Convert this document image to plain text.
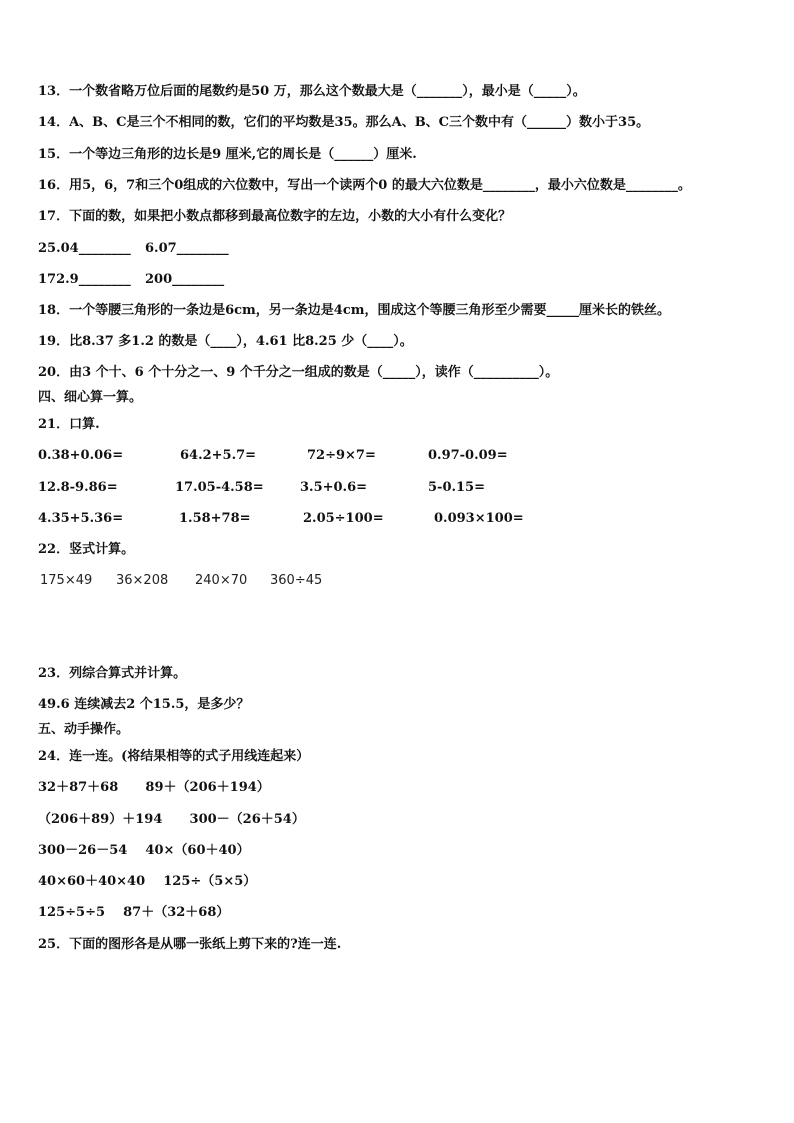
13．一个数省略万位后面的尾数约是50 万，那么这个数最大是（_______），最小是（_____）。
14．A、B、C是三个不相同的数，它们的平均数是35。那么A、B、C三个数中有（______）数小于35。
15．一个等边三角形的边长是9 厘米,它的周长是（______）厘米.
16．用5，6，7和三个0组成的六位数中，写出一个读两个0 的最大六位数是________，最小六位数是________。
17．下面的数，如果把小数点都移到最高位数字的左边，小数的大小有什么变化？
25.04________ 6.07________
172.9________ 200________
18．一个等腰三角形的一条边是6cm，另一条边是4cm，围成这个等腰三角形至少需要_____厘米长的铁丝。
19．比8.37 多1.2 的数是（____），4.61 比8.25 少（____）。
20．由3 个十、6 个十分之一、9 个千分之一组成的数是（_____），读作（__________）。
四、细心算一算。
21．口算.
0.38+0.06=	64.2+5.7=	72÷9×7=	0.97-0.09=
12.8-9.86=	17.05-4.58=	3.5+0.6=	5-0.15=
4.35+5.36=	1.58+78=	2.05÷100=	0.093×100=
22．竖式计算。
175×49 36×208 240×70 360÷45
23．列综合算式并计算。
49.6 连续减去2 个15.5，是多少？
五、动手操作。
24．连一连。(将结果相等的式子用线连起来）
32＋87＋68      89＋（206＋194）
（206＋89）＋194      300－（26＋54）
300－26－54    40×（60＋40）
40×60＋40×40    125÷（5×5）
125÷5÷5    87＋（32＋68）
25．下面的图形各是从哪一张纸上剪下来的?连一连.
